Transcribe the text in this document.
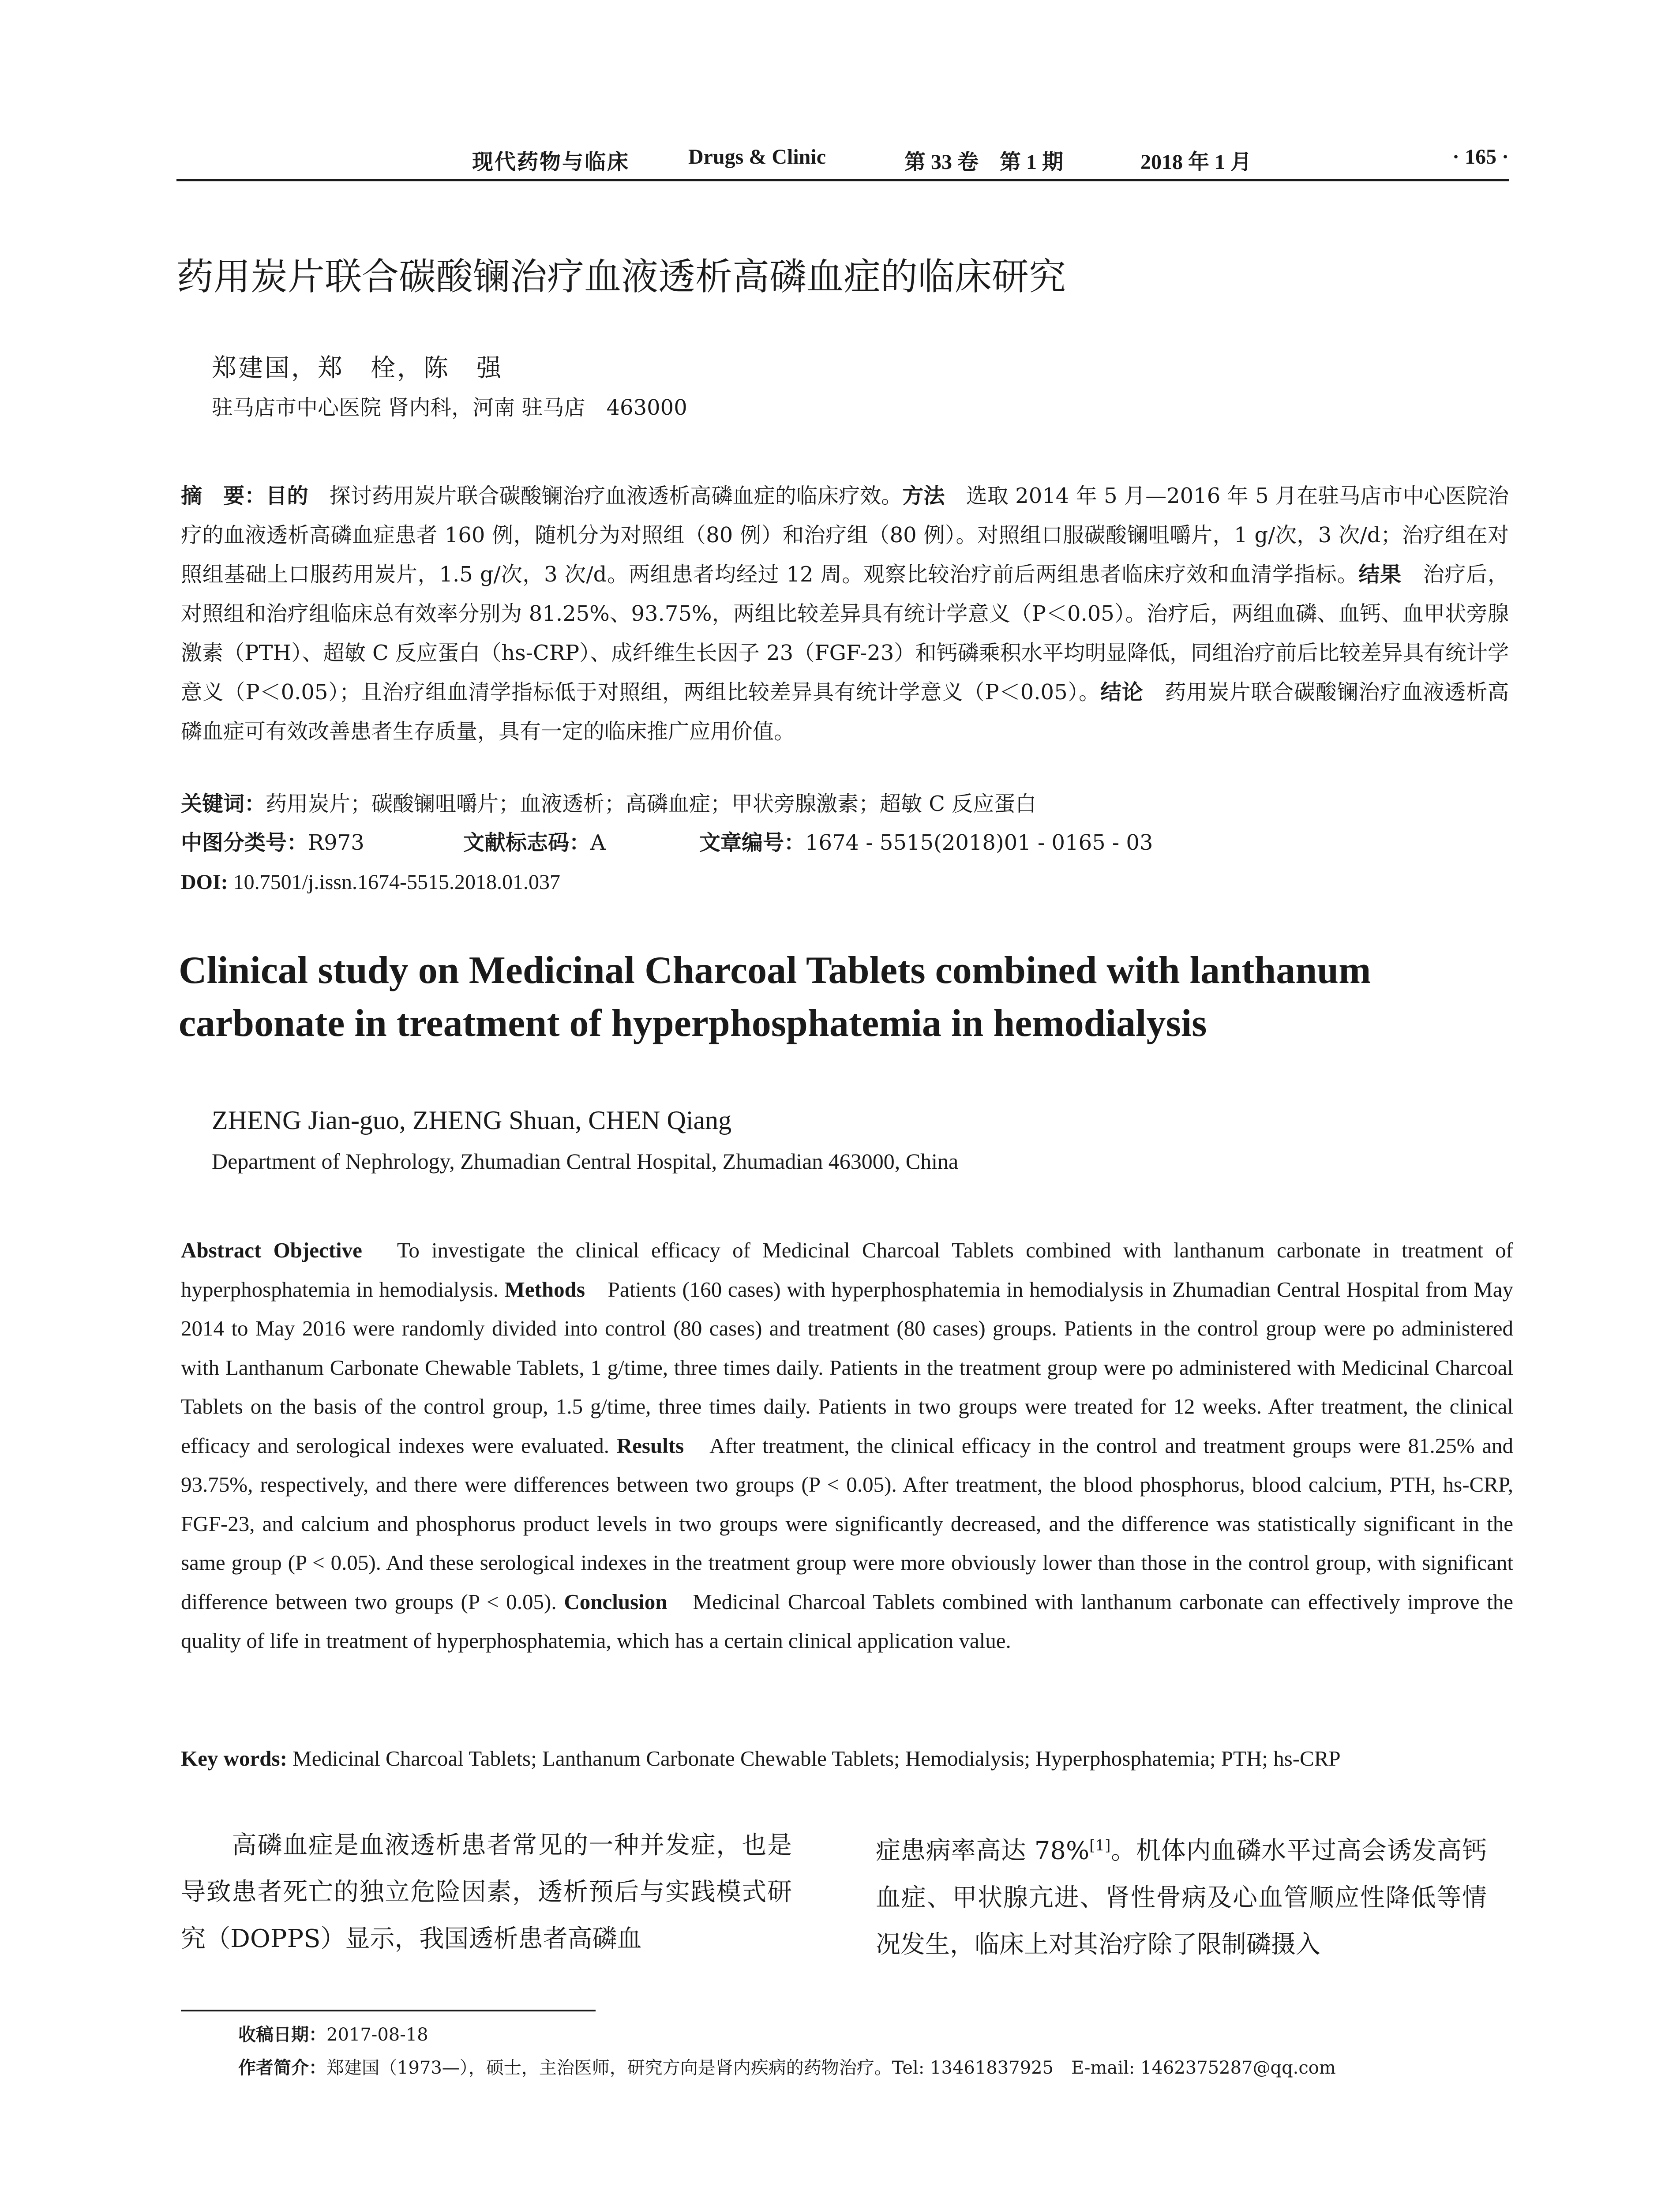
现代药物与临床	Drugs & Clinic	第 33 卷　第 1 期	2018 年 1 月	· 165 ·
药用炭片联合碳酸镧治疗血液透析高磷血症的临床研究
郑建国，郑　栓，陈　强
驻马店市中心医院 肾内科，河南 驻马店　463000
摘　要：目的　探讨药用炭片联合碳酸镧治疗血液透析高磷血症的临床疗效。方法　选取 2014 年 5 月—2016 年 5 月在驻马店市中心医院治疗的血液透析高磷血症患者 160 例，随机分为对照组（80 例）和治疗组（80 例）。对照组口服碳酸镧咀嚼片，1 g/次，3 次/d；治疗组在对照组基础上口服药用炭片，1.5 g/次，3 次/d。两组患者均经过 12 周。观察比较治疗前后两组患者临床疗效和血清学指标。结果　治疗后，对照组和治疗组临床总有效率分别为 81.25%、93.75%，两组比较差异具有统计学意义（P＜0.05）。治疗后，两组血磷、血钙、血甲状旁腺激素（PTH）、超敏 C 反应蛋白（hs-CRP）、成纤维生长因子 23（FGF-23）和钙磷乘积水平均明显降低，同组治疗前后比较差异具有统计学意义（P＜0.05）；且治疗组血清学指标低于对照组，两组比较差异具有统计学意义（P＜0.05）。结论　药用炭片联合碳酸镧治疗血液透析高磷血症可有效改善患者生存质量，具有一定的临床推广应用价值。
关键词：药用炭片；碳酸镧咀嚼片；血液透析；高磷血症；甲状旁腺激素；超敏 C 反应蛋白
中图分类号： R973	文献标志码： A	文章编号： 1674 - 5515(2018)01 - 0165 - 03
DOI: 10.7501/j.issn.1674-5515.2018.01.037
Clinical study on Medicinal Charcoal Tablets combined with lanthanum carbonate in treatment of hyperphosphatemia in hemodialysis
ZHENG Jian-guo, ZHENG Shuan, CHEN Qiang
Department of Nephrology, Zhumadian Central Hospital, Zhumadian 463000, China
Abstract Objective　To investigate the clinical efficacy of Medicinal Charcoal Tablets combined with lanthanum carbonate in treatment of hyperphosphatemia in hemodialysis. Methods　Patients (160 cases) with hyperphosphatemia in hemodialysis in Zhumadian Central Hospital from May 2014 to May 2016 were randomly divided into control (80 cases) and treatment (80 cases) groups. Patients in the control group were po administered with Lanthanum Carbonate Chewable Tablets, 1 g/time, three times daily. Patients in the treatment group were po administered with Medicinal Charcoal Tablets on the basis of the control group, 1.5 g/time, three times daily. Patients in two groups were treated for 12 weeks. After treatment, the clinical efficacy and serological indexes were evaluated. Results　After treatment, the clinical efficacy in the control and treatment groups were 81.25% and 93.75%, respectively, and there were differences between two groups (P < 0.05). After treatment, the blood phosphorus, blood calcium, PTH, hs-CRP, FGF-23, and calcium and phosphorus product levels in two groups were significantly decreased, and the difference was statistically significant in the same group (P < 0.05). And these serological indexes in the treatment group were more obviously lower than those in the control group, with significant difference between two groups (P < 0.05). Conclusion　Medicinal Charcoal Tablets combined with lanthanum carbonate can effectively improve the quality of life in treatment of hyperphosphatemia, which has a certain clinical application value.
Key words: Medicinal Charcoal Tablets; Lanthanum Carbonate Chewable Tablets; Hemodialysis; Hyperphosphatemia; PTH; hs-CRP
　　高磷血症是血液透析患者常见的一种并发症，也是导致患者死亡的独立危险因素，透析预后与实践模式研究（DOPPS）显示，我国透析患者高磷血
症患病率高达 78%[1]。机体内血磷水平过高会诱发高钙血症、甲状腺亢进、肾性骨病及心血管顺应性降低等情况发生，临床上对其治疗除了限制磷摄入
收稿日期：2017-08-18
作者简介：郑建国（1973—），硕士，主治医师，研究方向是肾内疾病的药物治疗。Tel: 13461837925　E-mail: 1462375287@qq.com
